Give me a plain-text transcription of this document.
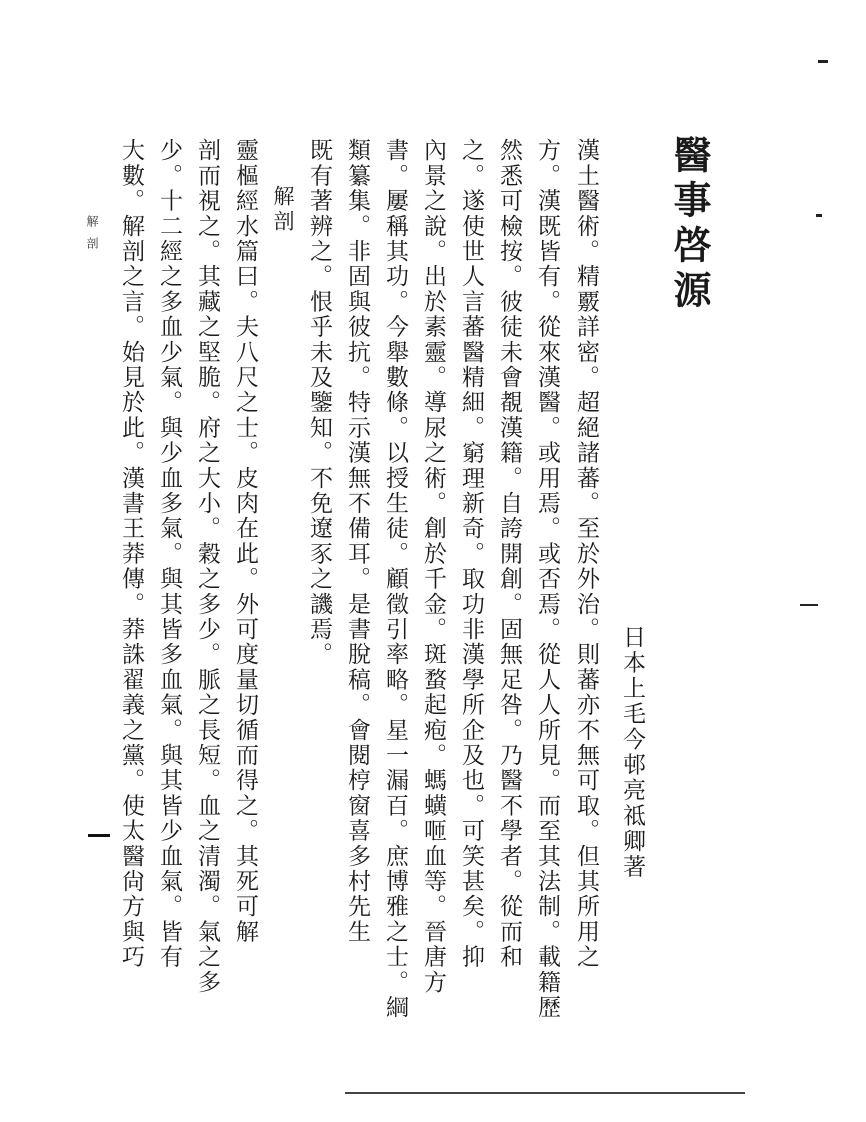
醫事啓源
日本上毛今邨亮祗卿著
漢土醫術。精覈詳密。超絕諸蕃。至於外治。則蕃亦不無可取。但其所用之
方。漢既皆有。從來漢醫。或用焉。或否焉。從人人所見。而至其法制。載籍歷
然悉可檢按。彼徒未會覩漢籍。自誇開創。固無足咎。乃醫不學者。從而和
之。遂使世人言蕃醫精細。窮理新奇。取功非漢學所企及也。可笑甚矣。抑
內景之說。出於素靈。導尿之術。創於千金。斑蝥起疱。螞蟥咂血等。晉唐方
書。屢稱其功。今舉數條。以授生徒。顧徵引率略。星一漏百。庶博雅之士。綱
類纂集。非固與彼抗。特示漢無不備耳。是書脫稿。會閱梈窗喜多村先生
既有著辨之。恨乎未及鑒知。不免遼豕之譏焉。
解剖
靈樞經水篇曰。夫八尺之士。皮肉在此。外可度量切循而得之。其死可解
剖而視之。其藏之堅脆。府之大小。穀之多少。脈之長短。血之清濁。氣之多
少。十二經之多血少氣。與少血多氣。與其皆多血氣。與其皆少血氣。皆有
大數。解剖之言。始見於此。漢書王莽傳。莽誅翟義之黨。使太醫尙方與巧
解剖
